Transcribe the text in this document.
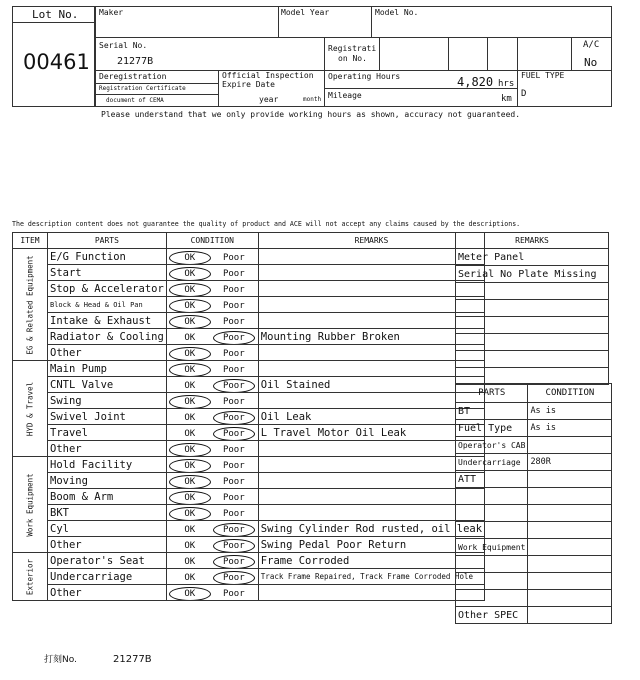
Lot No.
00461
Maker	Model Year	Model No.
Serial No.
21277B
Registrati
on No.
A/C
No
Deregistration
Registration Certificate
document of CEMA
Official Inspection
Expire Date
year	month
Operating Hours	4,820 hrs
Mileage	km
FUEL TYPE
D
Please understand that we only provide working hours as shown, accuracy not guaranteed.
The description content does not guarantee the quality of product and ACE will not accept any claims caused by the descriptions.
ITEM	PARTS	CONDITION	REMARKS

EG & Related Equipment	E/G Function	OK Poor	
	Start	OK Poor	
	Stop & Accelerator	OK Poor	
	Block & Head & Oil Pan	OK Poor	
	Intake & Exhaust	OK Poor	
	Radiator & Cooling	OK Poor	Mounting Rubber Broken
	Other	OK Poor	

HYD & Travel	Main Pump	OK Poor	
	CNTL Valve	OK Poor	Oil Stained
	Swing	OK Poor	
	Swivel Joint	OK Poor	Oil Leak
	Travel	OK Poor	L Travel Motor Oil Leak
	Other	OK Poor	

Work Equipment	Hold Facility	OK Poor	
	Moving	OK Poor	
	Boom & Arm	OK Poor	
	BKT	OK Poor	
	Cyl	OK Poor	Swing Cylinder Rod rusted, oil leak
	Other	OK Poor	Swing Pedal Poor Return

Exterior	Operator's Seat	OK Poor	Frame Corroded
	Undercarriage	OK Poor	Track Frame Repaired, Track Frame Corroded Hole
	Other	OK Poor	
REMARKS
Meter Panel
Serial No Plate Missing

PARTS	CONDITION
BT	As is
Fuel Type	As is
Operator's CAB	
Undercarriage	280R
ATT	

Work Equipment	

Other SPEC	
打刻No.	21277B
